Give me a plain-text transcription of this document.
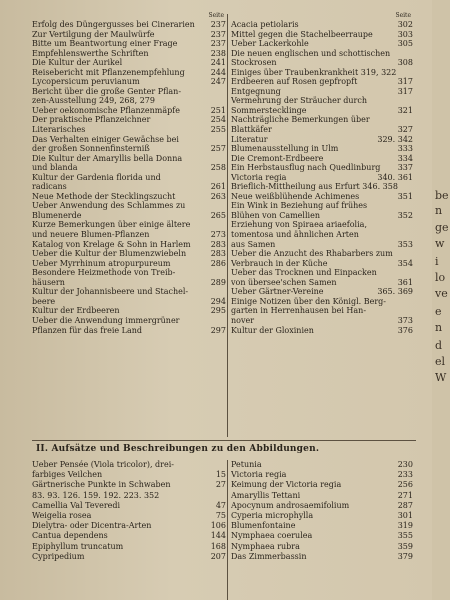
Seite
Erfolg des Düngergusses bei Cinerarien	237
Zur Vertilgung der Maulwürfe	237
Bitte um Beantwortung einer Frage	237
Empfehlenswerthe Schriften	238
Die Kultur der Aurikel	241
Reisebericht mit Pflanzenempfehlung	244
Lycopersicum peruvianum	247
Bericht über die große Genter Pflan-
zen-Ausstellung 249, 268, 279
Ueber oekonomische Pflanzenmäpfe	251
Der praktische Pflanzeichner	254
Literarisches	255
Das Verhalten einiger Gewächse bei
der großen Sonnenfinsterniß	257
Die Kultur der Amaryllis bella Donna
und blanda	258
Kultur der Gardenia florida und
radicans	261
Neue Methode der Stecklingszucht	263
Ueber Anwendung des Schlammes zu
Blumenerde	265
Kurze Bemerkungen über einige ältere
und neuere Blumen-Pflanzen	273
Katalog von Krelage & Sohn in Harlem	283
Ueber die Kultur der Blumenzwiebeln	283
Ueber Myrrhinum atropurpureum	286
Besondere Heizmethode von Treib-
häusern	289
Kultur der Johannisbeere und Stachel-
beere	294
Kultur der Erdbeeren	295
Ueber die Anwendung immergrüner
Pflanzen für das freie Land	297
Seite
Acacia petiolaris	302
Mittel gegen die Stachelbeerraupe	303
Ueber Lackerkohle	305
Die neuen englischen und schottischen
Stockrosen	308
Einiges über Traubenkrankheit 319, 322
Erdbeeren auf Rosen gepfropft	317
Entgegnung	317
Vermehrung der Sträucher durch
Sommerstecklinge	321
Nachträgliche Bemerkungen über
Blattkäfer	327
Literatur	329. 342
Blumenausstellung in Ulm	333
Die Cremont-Erdbeere	334
Ein Herbstausflug nach Quedlinburg	337
Victoria regia	340. 361
Brieflich-Mittheilung aus Erfurt 346. 358
Neue weißblühende Achimenes	351
Ein Wink in Beziehung auf frühes
Blühen von Camellien	352
Erziehung von Spiraea ariaefolia,
tomentosa und ähnlichen Arten
aus Samen	353
Ueber die Anzucht des Rhabarbers zum
Verbrauch in der Küche	354
Ueber das Trocknen und Einpacken
von übersee'schen Samen	361
Ueber Gärtner-Vereine	365. 369
Einige Notizen über den Königl. Berg-
garten in Herrenhausen bei Han-
nover	373
Kultur der Gloxinien	376
II. Aufsätze und Beschreibungen zu den Abbildungen.
Ueber Pensée (Viola tricolor), drei-
farbiges Veilchen	15
Gärtnerische Punkte in Schwaben	27
83. 93. 126. 159. 192. 223. 352
Camellia Val Teveredi	47
Weigelia rosea	75
Dielytra- oder Dicentra-Arten	106
Cantua dependens	144
Epiphyllum truncatum	168
Cypripedium	207
Petunia	230
Victoria regia	233
Keimung der Victoria regia	256
Amaryllis Tettani	271
Apocynum androsaemifolium	287
Cyperia microphylla	301
Blumenfontaine	319
Nymphaea coerulea	355
Nymphaea rubra	359
Das Zimmerbassin	379
be
n
ge
w
i
lo
ve
e
n
d
el
W
